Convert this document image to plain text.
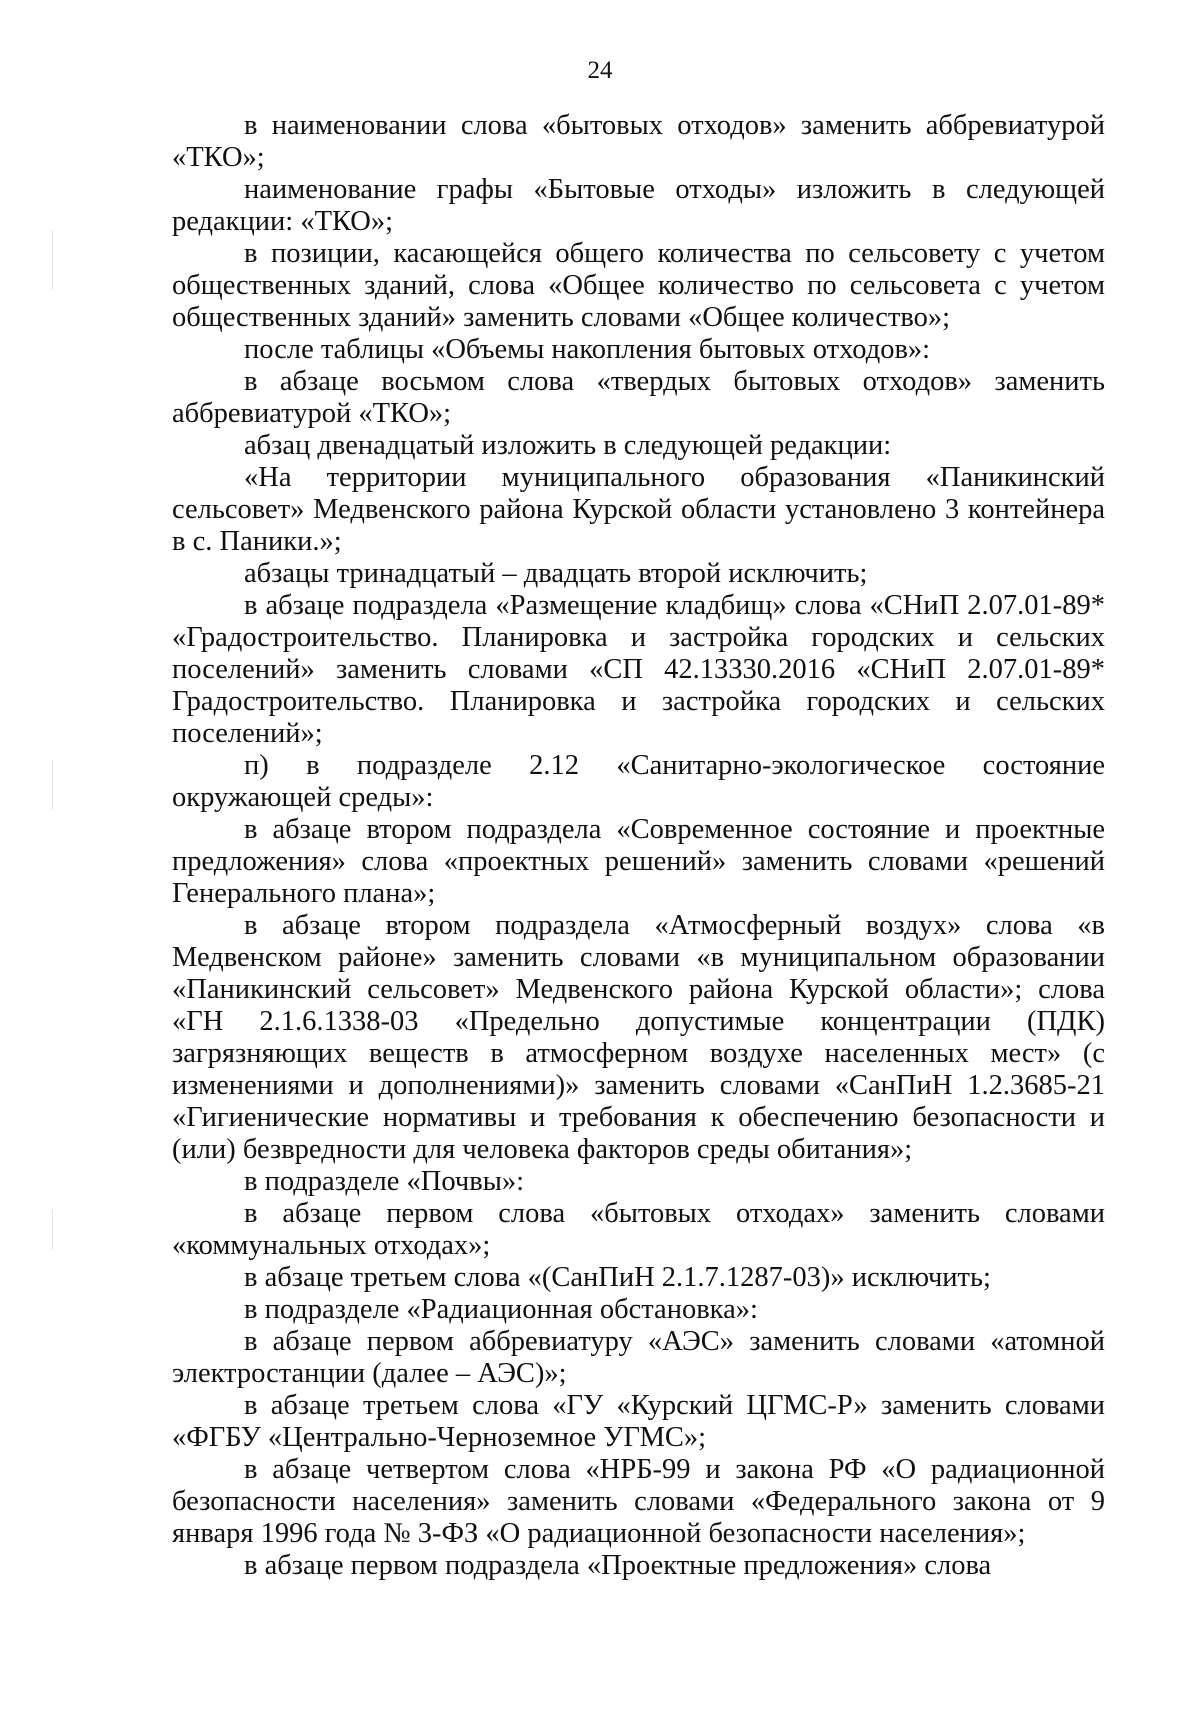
24

в наименовании слова «бытовых отходов» заменить аббревиатурой «ТКО»;

наименование графы «Бытовые отходы» изложить в следующей редакции: «ТКО»;

в позиции, касающейся общего количества по сельсовету с учетом общественных зданий, слова «Общее количество по сельсовета с учетом общественных зданий» заменить словами «Общее количество»;

после таблицы «Объемы накопления бытовых отходов»:

в абзаце восьмом слова «твердых бытовых отходов» заменить аббревиатурой «ТКО»;

абзац двенадцатый изложить в следующей редакции:

«На территории муниципального образования «Паникинский сельсовет» Медвенского района Курской области установлено 3 контейнера в с. Паники.»;

абзацы тринадцатый – двадцать второй исключить;

в абзаце подраздела «Размещение кладбищ» слова «СНиП 2.07.01-89* «Градостроительство. Планировка и застройка городских и сельских поселений» заменить словами «СП 42.13330.2016 «СНиП 2.07.01-89* Градостроительство. Планировка и застройка городских и сельских поселений»;

п) в подразделе 2.12 «Санитарно-экологическое состояние окружающей среды»:

в абзаце втором подраздела «Современное состояние и проектные предложения» слова «проектных решений» заменить словами «решений Генерального плана»;

в абзаце втором подраздела «Атмосферный воздух» слова «в Медвенском районе» заменить словами «в муниципальном образовании «Паникинский сельсовет» Медвенского района Курской области»; слова «ГН 2.1.6.1338-03 «Предельно допустимые концентрации (ПДК) загрязняющих веществ в атмосферном воздухе населенных мест» (с изменениями и дополнениями)» заменить словами «СанПиН 1.2.3685-21 «Гигиенические нормативы и требования к обеспечению безопасности и (или) безвредности для человека факторов среды обитания»;

в подразделе «Почвы»:

в абзаце первом слова «бытовых отходах» заменить словами «коммунальных отходах»;

в абзаце третьем слова «(СанПиН 2.1.7.1287-03)» исключить;

в подразделе «Радиационная обстановка»:

в абзаце первом аббревиатуру «АЭС» заменить словами «атомной электростанции (далее – АЭС)»;

в абзаце третьем слова «ГУ «Курский ЦГМС-Р» заменить словами «ФГБУ «Центрально-Черноземное УГМС»;

в абзаце четвертом слова «НРБ-99 и закона РФ «О радиационной безопасности населения» заменить словами «Федерального закона от 9 января 1996 года № 3-ФЗ «О радиационной безопасности населения»;

в абзаце первом подраздела «Проектные предложения» слова
